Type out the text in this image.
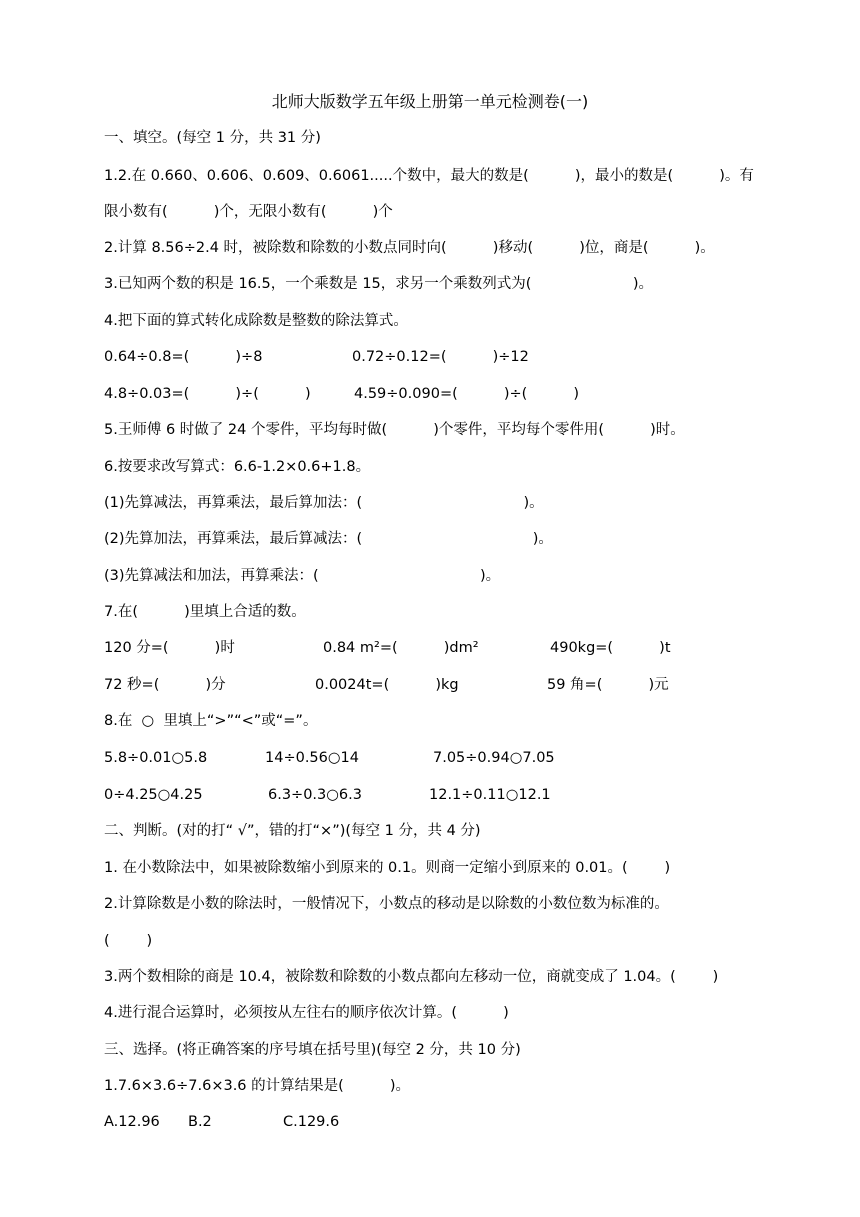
北师大版数学五年级上册第一单元检测卷(一)
一、填空。(每空 1 分，共 31 分)
1.2.在 0.660、0.606、0.609、0.6061.....个数中，最大的数是(          )，最小的数是(          )。有
限小数有(          )个，无限小数有(          )个
2.计算 8.56÷2.4 时，被除数和除数的小数点同时向(          )移动(          )位，商是(          )。
3.已知两个数的积是 16.5，一个乘数是 15，求另一个乘数列式为(                      )。
4.把下面的算式转化成除数是整数的除法算式。
0.64÷0.8=(          )÷8	0.72÷0.12=(          )÷12
4.8÷0.03=(          )÷(          )	4.59÷0.090=(          )÷(          )
5.王师傅 6 时做了 24 个零件，平均每时做(          )个零件，平均每个零件用(          )时。
6.按要求改写算式：6.6-1.2×0.6+1.8。
(1)先算减法，再算乘法，最后算加法：(                                   )。
(2)先算加法，再算乘法，最后算减法：(                                     )。
(3)先算减法和加法，再算乘法：(                                   )。
7.在(          )里填上合适的数。
120 分=(          )时	0.84 m²=(          )dm²	490kg=(          )t
72 秒=(          )分	0.0024t=(          )kg	59 角=(          )元
8.在  ○  里填上“>”“<”或“=”。
5.8÷0.01○5.8	14÷0.56○14	7.05÷0.94○7.05
0÷4.25○4.25	6.3÷0.3○6.3	12.1÷0.11○12.1
二、判断。(对的打“ √”，错的打“×”)(每空 1 分，共 4 分)
1. 在小数除法中，如果被除数缩小到原来的 0.1。则商一定缩小到原来的 0.01。(        )
2.计算除数是小数的除法时，一般情况下，小数点的移动是以除数的小数位数为标准的。
(        )
3.两个数相除的商是 10.4，被除数和除数的小数点都向左移动一位，商就变成了 1.04。(        )
4.进行混合运算时，必须按从左往右的顺序依次计算。(          )
三、选择。(将正确答案的序号填在括号里)(每空 2 分，共 10 分)
1.7.6×3.6÷7.6×3.6 的计算结果是(          )。
A.12.96 B.2	C.129.6
